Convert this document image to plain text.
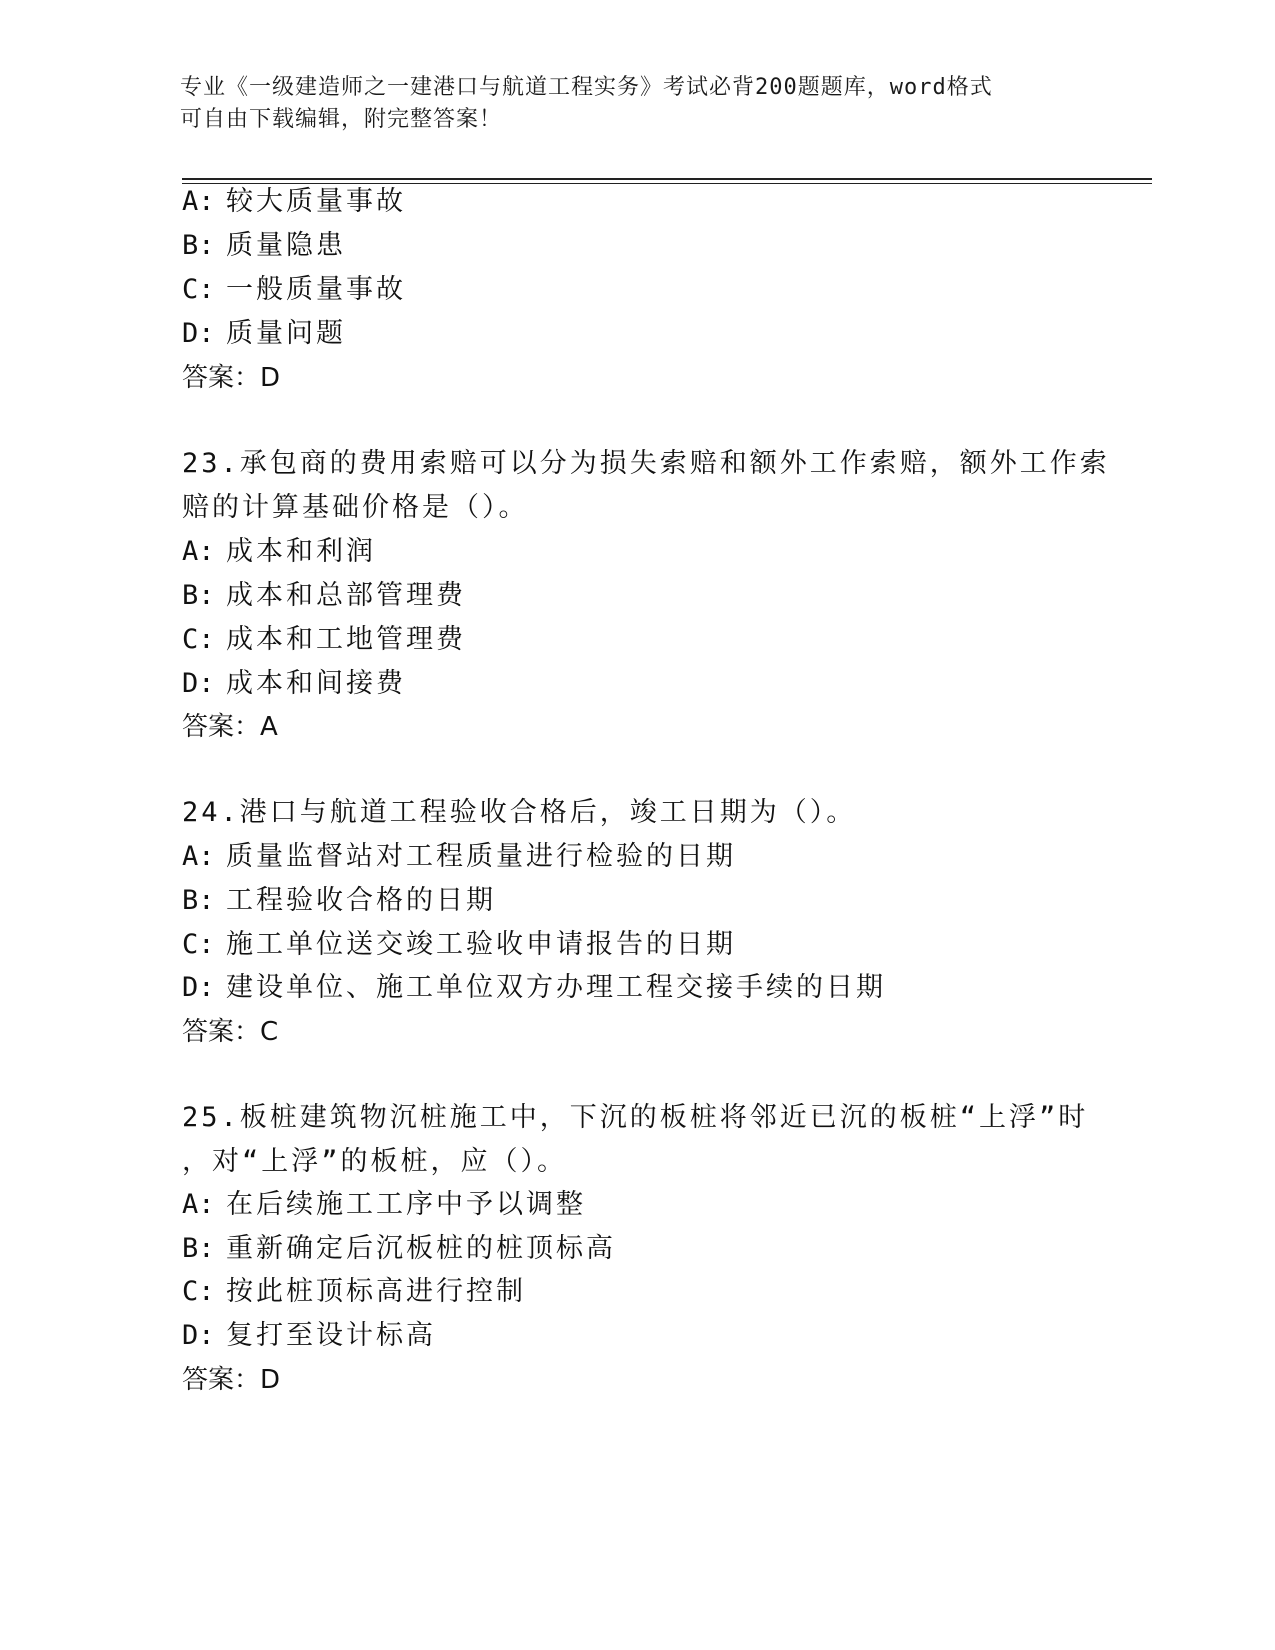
专业《一级建造师之一建港口与航道工程实务》考试必背200题题库，word格式
可自由下载编辑，附完整答案！
A: 较大质量事故
B: 质量隐患
C: 一般质量事故
D: 质量问题
答案：D
23.承包商的费用索赔可以分为损失索赔和额外工作索赔，额外工作索
赔的计算基础价格是（）。
A: 成本和利润
B: 成本和总部管理费
C: 成本和工地管理费
D: 成本和间接费
答案：A
24.港口与航道工程验收合格后，竣工日期为（）。
A: 质量监督站对工程质量进行检验的日期
B: 工程验收合格的日期
C: 施工单位送交竣工验收申请报告的日期
D: 建设单位、施工单位双方办理工程交接手续的日期
答案：C
25.板桩建筑物沉桩施工中，下沉的板桩将邻近已沉的板桩“上浮”时
，对“上浮”的板桩，应（）。
A: 在后续施工工序中予以调整
B: 重新确定后沉板桩的桩顶标高
C: 按此桩顶标高进行控制
D: 复打至设计标高
答案：D
